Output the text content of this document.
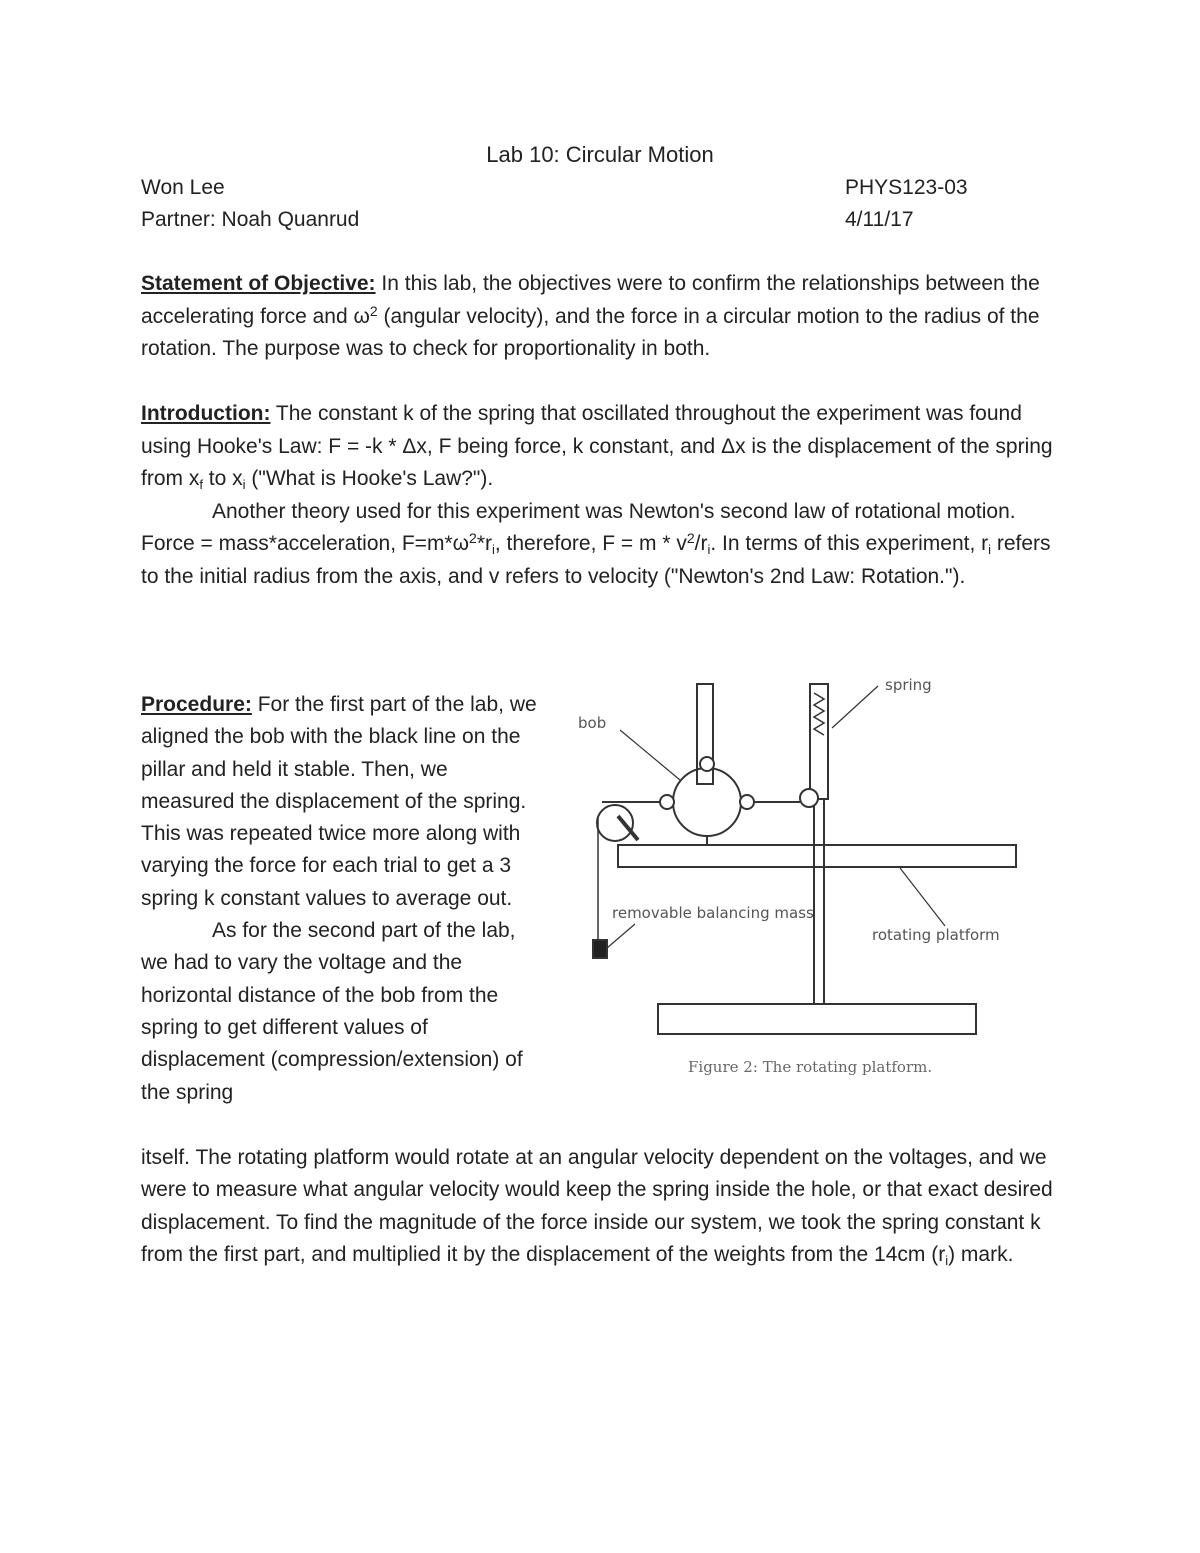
Lab 10: Circular Motion
Won Lee	PHYS123-03
Partner: Noah Quanrud	4/11/17

Statement of Objective: In this lab, the objectives were to confirm the relationships between the accelerating force and $\omega^2$ (angular velocity), and the force in a circular motion to the radius of the rotation. The purpose was to check for proportionality in both.

Introduction: The constant k of the spring that oscillated throughout the experiment was found using Hooke's Law: F = -k * Δx, F being force, k constant, and Δx is the displacement of the spring from $x_f$ to $x_i$ ("What is Hooke's Law?").

Another theory used for this experiment was Newton's second law of rotational motion. Force = mass*acceleration, $F=m*\omega^2*r_i$, therefore, $F = m * v^2/r_i$. In terms of this experiment, $r_i$ refers to the initial radius from the axis, and v refers to velocity ("Newton's 2nd Law: Rotation.").

Procedure: For the first part of the lab, we aligned the bob with the black line on the pillar and held it stable. Then, we measured the displacement of the spring. This was repeated twice more along with varying the force for each trial to get a 3 spring k constant values to average out.

As for the second part of the lab, we had to vary the voltage and the horizontal distance of the bob from the spring to get different values of displacement (compression/extension) of the spring

itself. The rotating platform would rotate at an angular velocity dependent on the voltages, and we were to measure what angular velocity would keep the spring inside the hole, or that exact desired displacement. To find the magnitude of the force inside our system, we took the spring constant k from the first part, and multiplied it by the displacement of the weights from the 14cm $(r_i)$ mark.

spring
bob
removable balancing mass
rotating platform
Figure 2: The rotating platform.
